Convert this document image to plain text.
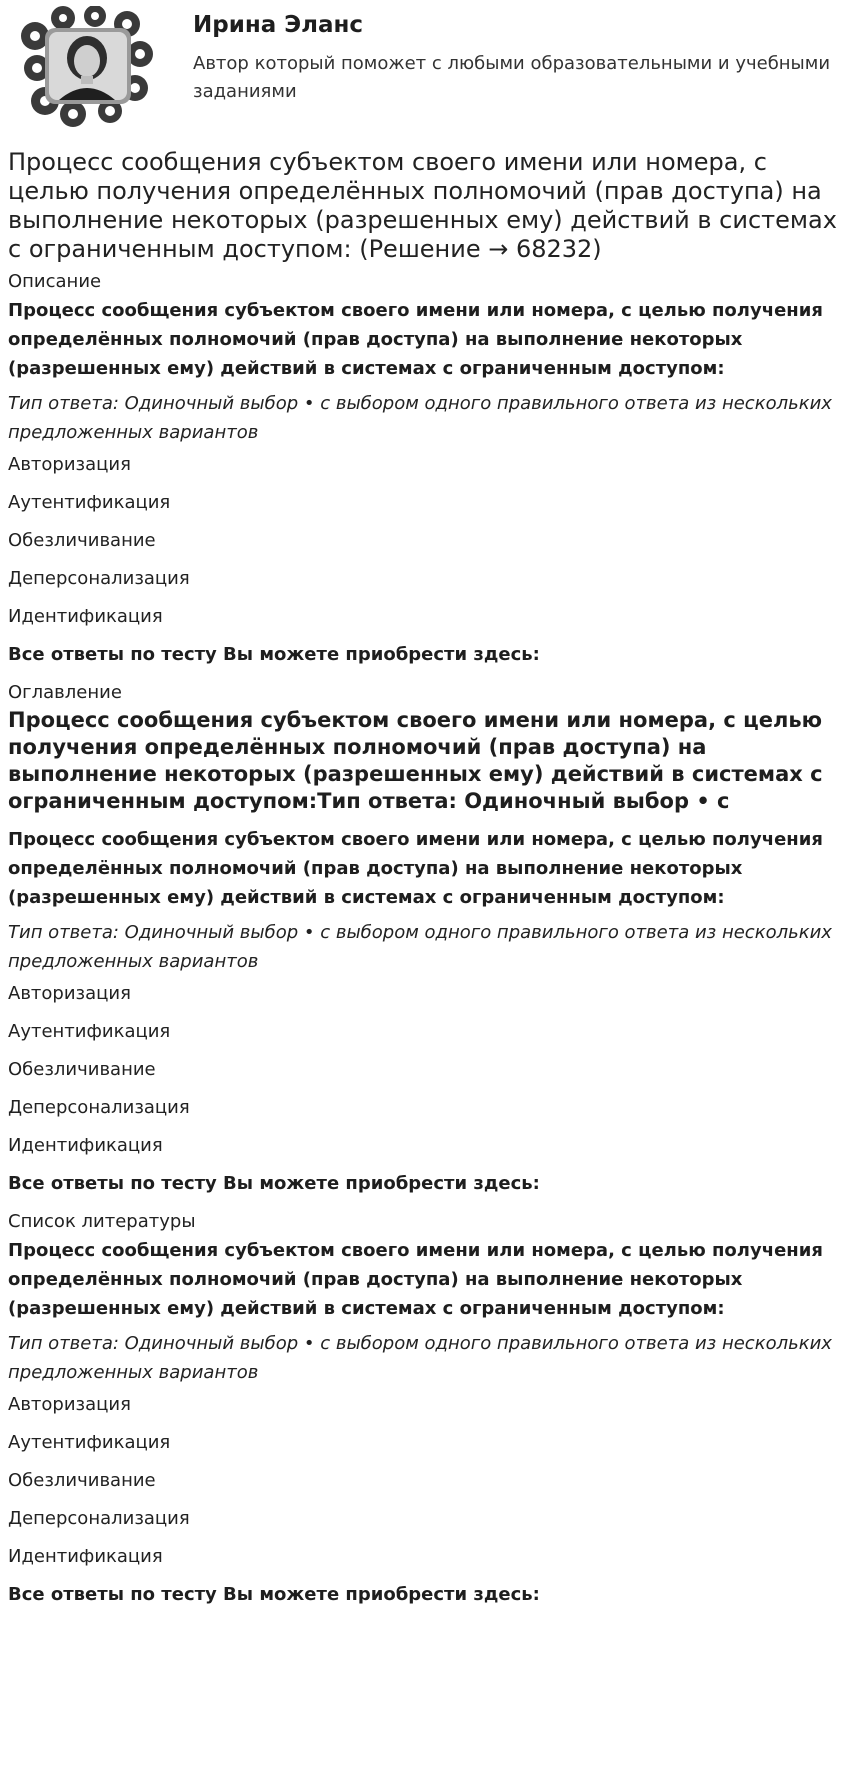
Ирина Эланс

Автор который поможет с любыми образовательными и учебными заданиями

Процесс сообщения субъектом своего имени или номера, с целью получения определённых полномочий (прав доступа) на выполнение некоторых (разрешенных ему) действий в системах с ограниченным доступом: (Решение → 68232)
Описание

Процесс сообщения субъектом своего имени или номера, с целью получения определённых полномочий (прав доступа) на выполнение некоторых (разрешенных ему) действий в системах с ограниченным доступом:

Тип ответа: Одиночный выбор • с выбором одного правильного ответа из нескольких предложенных вариантов

Авторизация

Аутентификация

Обезличивание

Деперсонализация

Идентификация

Все ответы по тесту Вы можете приобрести здесь:

Оглавление
Процесс сообщения субъектом своего имени или номера, с целью получения определённых полномочий (прав доступа) на выполнение некоторых (разрешенных ему) действий в системах с ограниченным доступом:Тип ответа: Одиночный выбор • с

Процесс сообщения субъектом своего имени или номера, с целью получения определённых полномочий (прав доступа) на выполнение некоторых (разрешенных ему) действий в системах с ограниченным доступом:

Тип ответа: Одиночный выбор • с выбором одного правильного ответа из нескольких предложенных вариантов

Авторизация

Аутентификация

Обезличивание

Деперсонализация

Идентификация

Все ответы по тесту Вы можете приобрести здесь:

Список литературы

Процесс сообщения субъектом своего имени или номера, с целью получения определённых полномочий (прав доступа) на выполнение некоторых (разрешенных ему) действий в системах с ограниченным доступом:

Тип ответа: Одиночный выбор • с выбором одного правильного ответа из нескольких предложенных вариантов

Авторизация

Аутентификация

Обезличивание

Деперсонализация

Идентификация

Все ответы по тесту Вы можете приобрести здесь:
